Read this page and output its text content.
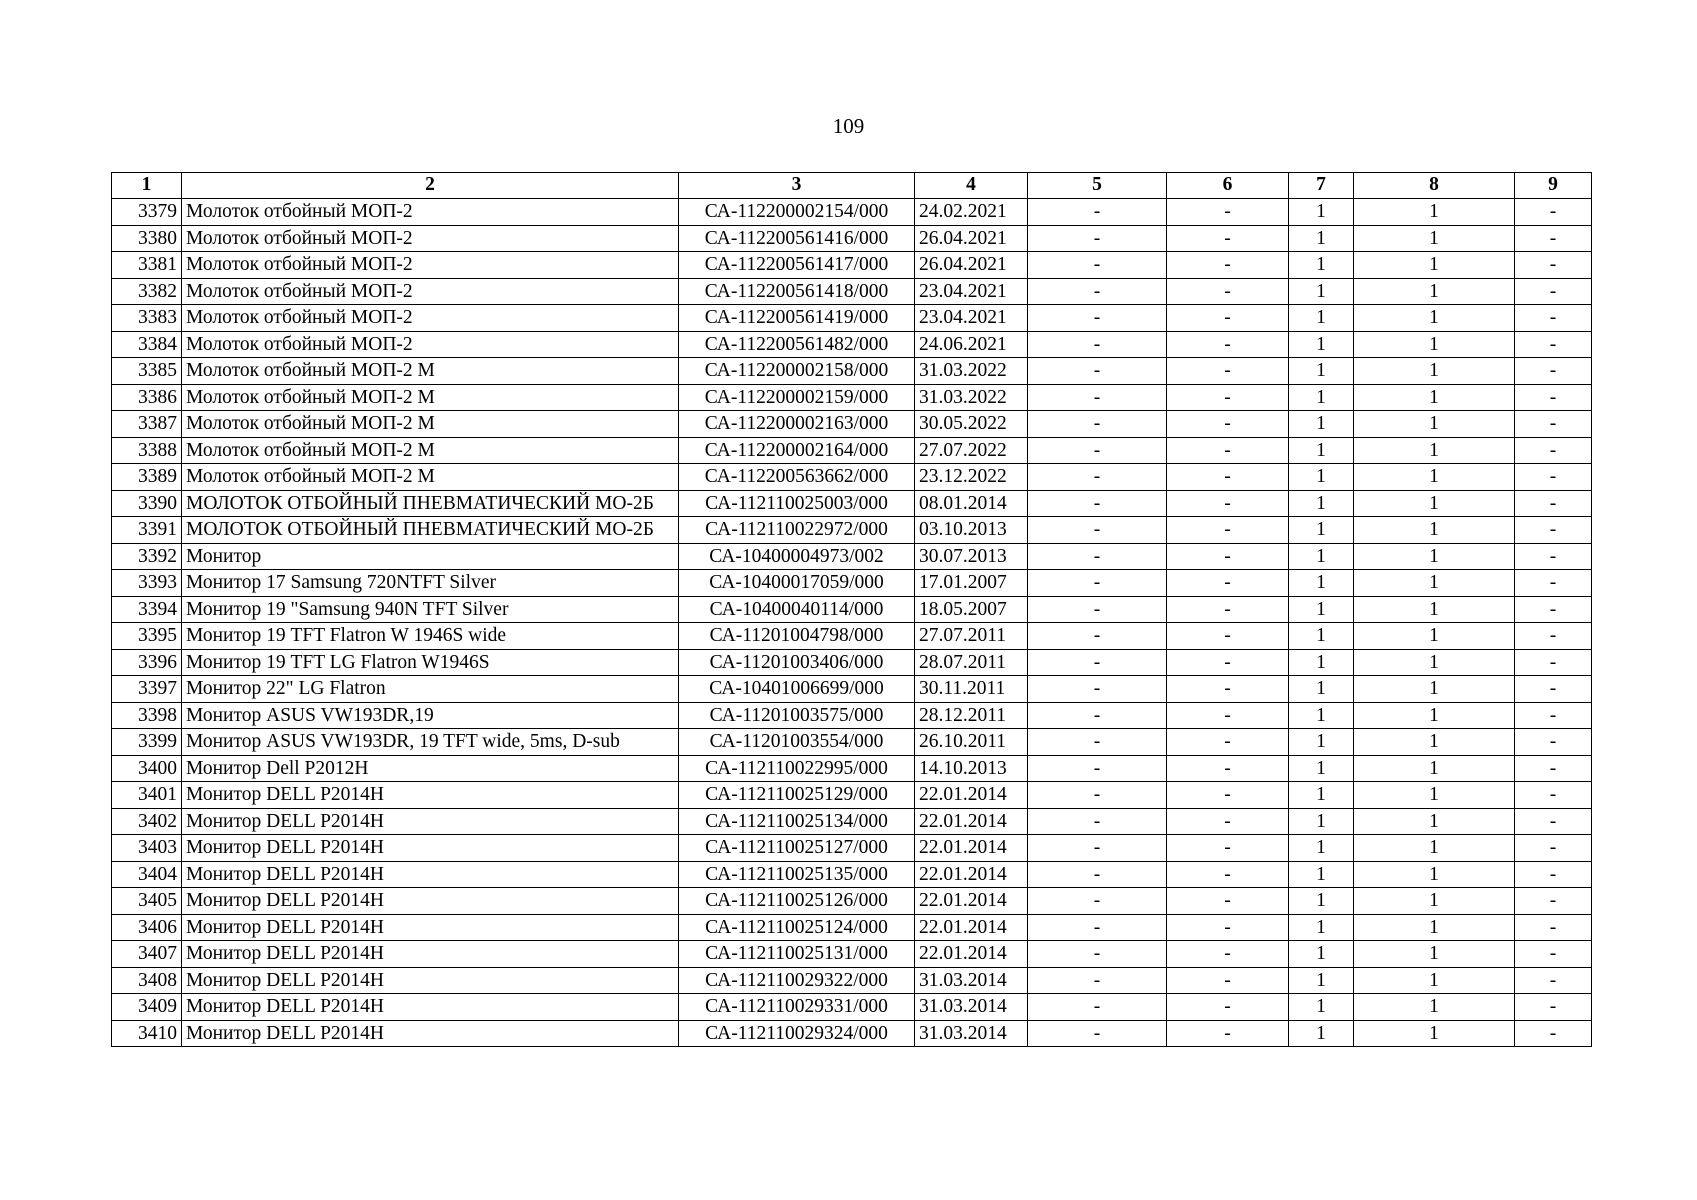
109
1	2	3	4	5	6	7	8	9
3379	Молоток отбойный МОП-2	СА-112200002154/000	24.02.2021	-	-	1	1	-
3380	Молоток отбойный МОП-2	СА-112200561416/000	26.04.2021	-	-	1	1	-
3381	Молоток отбойный МОП-2	СА-112200561417/000	26.04.2021	-	-	1	1	-
3382	Молоток отбойный МОП-2	СА-112200561418/000	23.04.2021	-	-	1	1	-
3383	Молоток отбойный МОП-2	СА-112200561419/000	23.04.2021	-	-	1	1	-
3384	Молоток отбойный МОП-2	СА-112200561482/000	24.06.2021	-	-	1	1	-
3385	Молоток отбойный МОП-2 М	СА-112200002158/000	31.03.2022	-	-	1	1	-
3386	Молоток отбойный МОП-2 М	СА-112200002159/000	31.03.2022	-	-	1	1	-
3387	Молоток отбойный МОП-2 М	СА-112200002163/000	30.05.2022	-	-	1	1	-
3388	Молоток отбойный МОП-2 М	СА-112200002164/000	27.07.2022	-	-	1	1	-
3389	Молоток отбойный МОП-2 М	СА-112200563662/000	23.12.2022	-	-	1	1	-
3390	МОЛОТОК ОТБОЙНЫЙ ПНЕВМАТИЧЕСКИЙ МО-2Б	СА-112110025003/000	08.01.2014	-	-	1	1	-
3391	МОЛОТОК ОТБОЙНЫЙ ПНЕВМАТИЧЕСКИЙ МО-2Б	СА-112110022972/000	03.10.2013	-	-	1	1	-
3392	Монитор	СА-10400004973/002	30.07.2013	-	-	1	1	-
3393	Монитор 17 Samsung 720NTFT Silver	СА-10400017059/000	17.01.2007	-	-	1	1	-
3394	Монитор 19 "Samsung 940N TFT Silver	СА-10400040114/000	18.05.2007	-	-	1	1	-
3395	Монитор 19 TFT Flatron W 1946S wide	СА-11201004798/000	27.07.2011	-	-	1	1	-
3396	Монитор 19 TFT LG Flatron W1946S	СА-11201003406/000	28.07.2011	-	-	1	1	-
3397	Монитор 22" LG Flatron	СА-10401006699/000	30.11.2011	-	-	1	1	-
3398	Монитор ASUS VW193DR,19	СА-11201003575/000	28.12.2011	-	-	1	1	-
3399	Монитор ASUS VW193DR, 19 TFT wide, 5ms, D-sub	СА-11201003554/000	26.10.2011	-	-	1	1	-
3400	Монитор Dell P2012H	СА-112110022995/000	14.10.2013	-	-	1	1	-
3401	Монитор DELL P2014H	СА-112110025129/000	22.01.2014	-	-	1	1	-
3402	Монитор DELL P2014H	СА-112110025134/000	22.01.2014	-	-	1	1	-
3403	Монитор DELL P2014H	СА-112110025127/000	22.01.2014	-	-	1	1	-
3404	Монитор DELL P2014H	СА-112110025135/000	22.01.2014	-	-	1	1	-
3405	Монитор DELL P2014H	СА-112110025126/000	22.01.2014	-	-	1	1	-
3406	Монитор DELL P2014H	СА-112110025124/000	22.01.2014	-	-	1	1	-
3407	Монитор DELL P2014H	СА-112110025131/000	22.01.2014	-	-	1	1	-
3408	Монитор DELL P2014H	СА-112110029322/000	31.03.2014	-	-	1	1	-
3409	Монитор DELL P2014H	СА-112110029331/000	31.03.2014	-	-	1	1	-
3410	Монитор DELL P2014H	СА-112110029324/000	31.03.2014	-	-	1	1	-
